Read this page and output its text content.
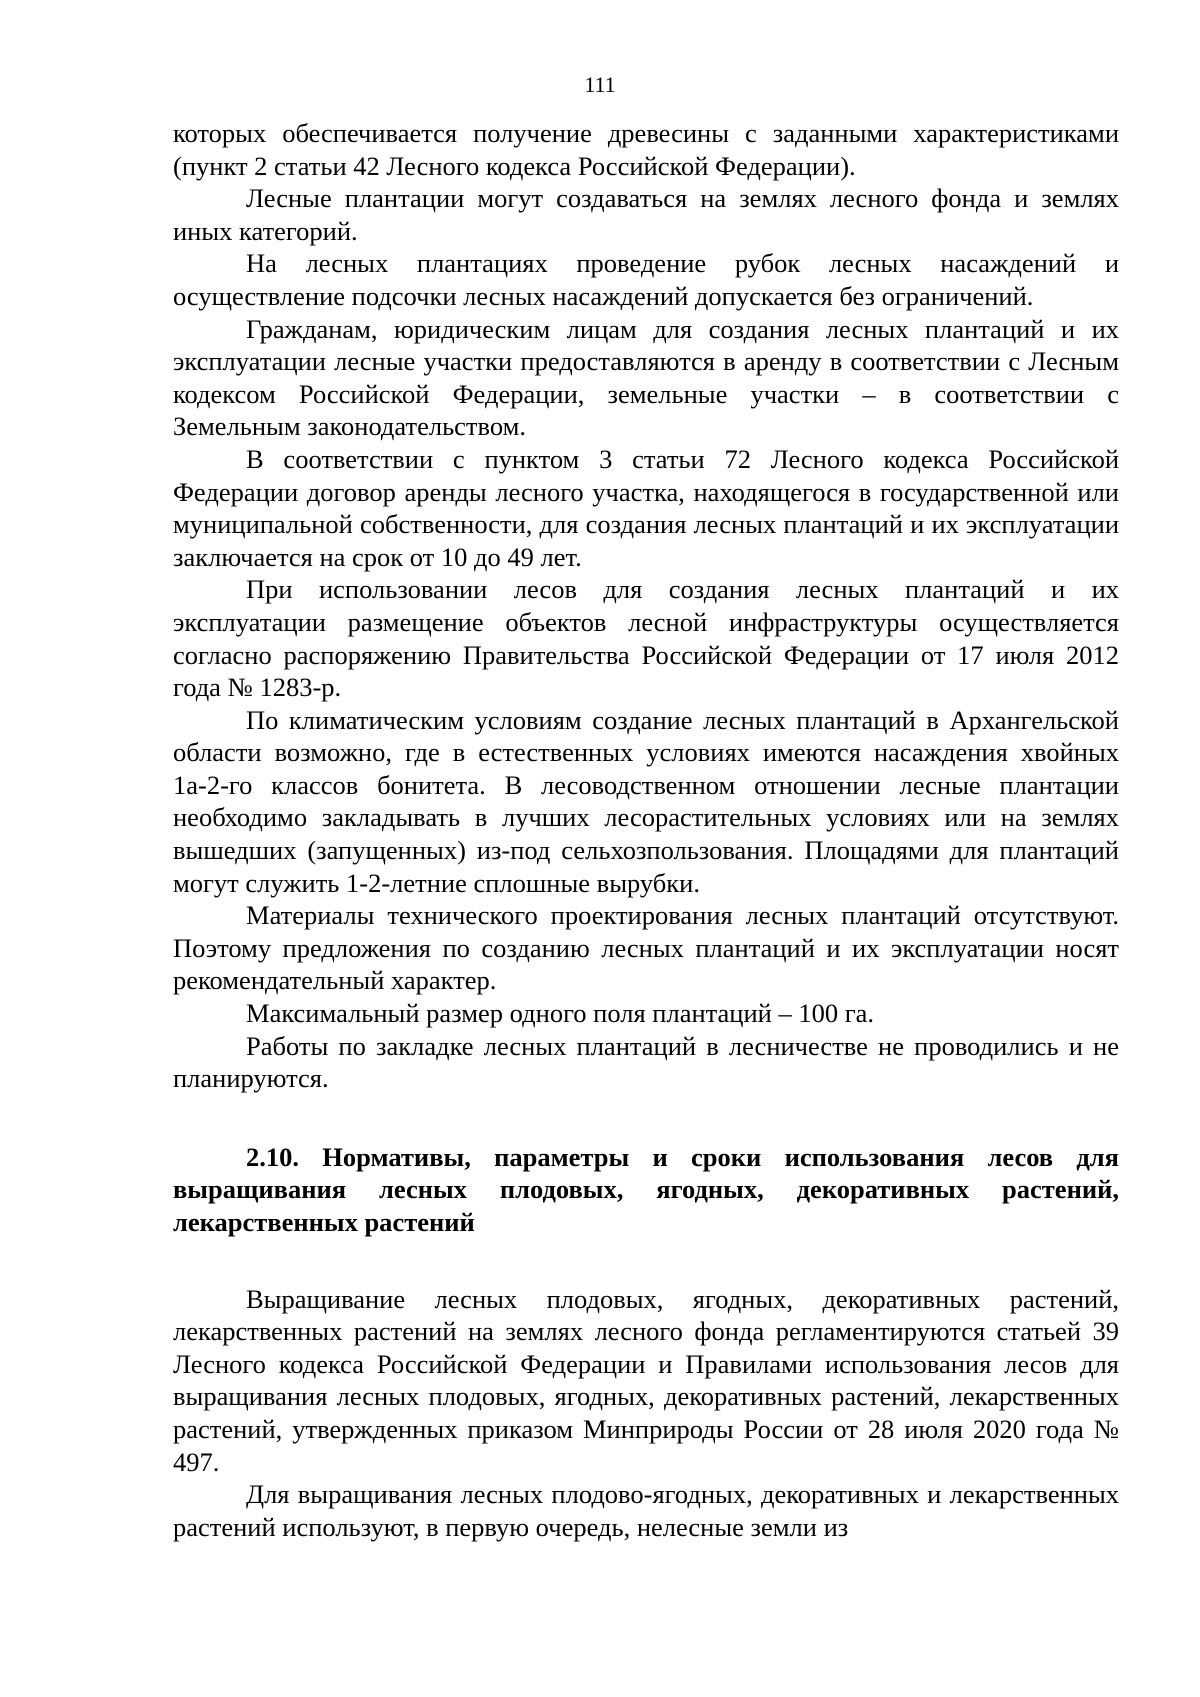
111

которых обеспечивается получение древесины с заданными характеристиками (пункт 2 статьи 42 Лесного кодекса Российской Федерации).

Лесные плантации могут создаваться на землях лесного фонда и землях иных категорий.

На лесных плантациях проведение рубок лесных насаждений и осуществление подсочки лесных насаждений допускается без ограничений.

Гражданам, юридическим лицам для создания лесных плантаций и их эксплуатации лесные участки предоставляются в аренду в соответствии с Лесным кодексом Российской Федерации, земельные участки – в соответствии с Земельным законодательством.

В соответствии с пунктом 3 статьи 72 Лесного кодекса Российской Федерации договор аренды лесного участка, находящегося в государственной или муниципальной собственности, для создания лесных плантаций и их эксплуатации заключается на срок от 10 до 49 лет.

При использовании лесов для создания лесных плантаций и их эксплуатации размещение объектов лесной инфраструктуры осуществляется согласно распоряжению Правительства Российской Федерации от 17 июля 2012 года № 1283-р.

По климатическим условиям создание лесных плантаций в Архангельской области возможно, где в естественных условиях имеются насаждения хвойных 1а-2-го классов бонитета. В лесоводственном отношении лесные плантации необходимо закладывать в лучших лесорастительных условиях или на землях вышедших (запущенных) из-под сельхозпользования. Площадями для плантаций могут служить 1-2-летние сплошные вырубки.

Материалы технического проектирования лесных плантаций отсутствуют. Поэтому предложения по созданию лесных плантаций и их эксплуатации носят рекомендательный характер.

Максимальный размер одного поля плантаций – 100 га.

Работы по закладке лесных плантаций в лесничестве не проводились и не планируются.

2.10. Нормативы, параметры и сроки использования лесов для выращивания лесных плодовых, ягодных, декоративных растений, лекарственных растений

Выращивание лесных плодовых, ягодных, декоративных растений, лекарственных растений на землях лесного фонда регламентируются статьей 39 Лесного кодекса Российской Федерации и Правилами использования лесов для выращивания лесных плодовых, ягодных, декоративных растений, лекарственных растений, утвержденных приказом Минприроды России от 28 июля 2020 года № 497.

Для выращивания лесных плодово-ягодных, декоративных и лекарственных растений используют, в первую очередь, нелесные земли из
